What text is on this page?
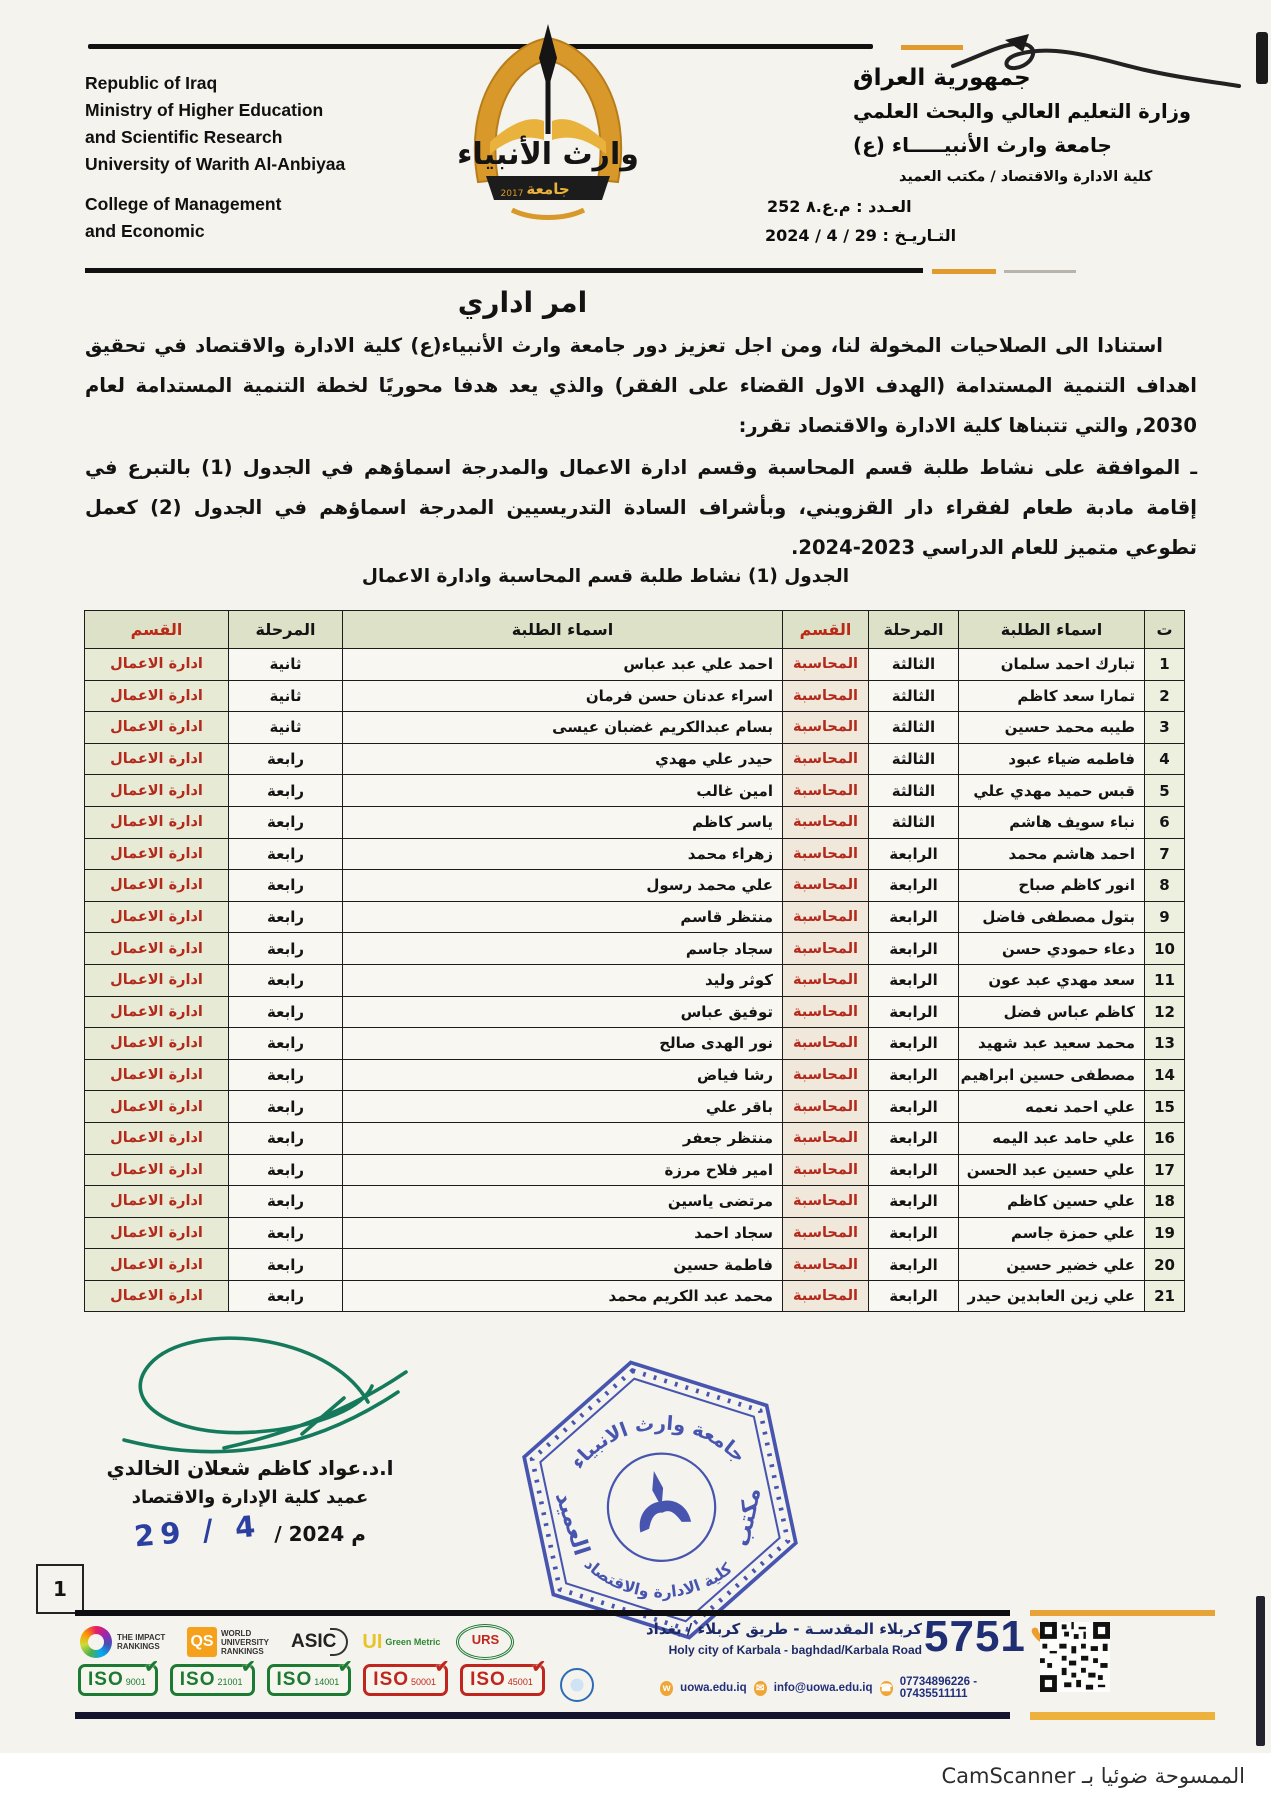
Republic of Iraq
Ministry of Higher Education
and Scientific Research
University of Warith Al-Anbiyaa
College of Management
and Economic
وارث الأنبياء
جامعة
2017
جمهورية العراق
وزارة التعليم العالي والبحث العلمي
جامعة وارث الأنبيـــــاء (ع)
كلية الادارة والاقتصاد / مكتب العميد
العـدد : م.ع.٨ 252
التـاريـخ : 29 / 4 / 2024
امر اداري
استنادا الى الصلاحيات المخولة لنا، ومن اجل تعزيز دور جامعة وارث الأنبياء(ع) كلية الادارة والاقتصاد في تحقيق اهداف التنمية المستدامة (الهدف الاول القضاء على الفقر) والذي يعد هدفا محوريًا لخطة التنمية المستدامة لعام 2030, والتي تتبناها كلية الادارة والاقتصاد تقرر:
ـ الموافقة على نشاط طلبة قسم المحاسبة وقسم ادارة الاعمال والمدرجة اسماؤهم في الجدول (1) بالتبرع في إقامة مادبة طعام لفقراء دار القزويني، وبأشراف السادة التدريسيين المدرجة اسماؤهم في الجدول (2) كعمل تطوعي متميز للعام الدراسي 2023-2024.
الجدول (1) نشاط طلبة قسم المحاسبة وادارة الاعمال
ت	اسماء الطلبة	المرحلة	القسم	اسماء الطلبة	المرحلة	القسم
1	تبارك احمد سلمان	الثالثة	المحاسبة	احمد علي عبد عباس	ثانية	ادارة الاعمال
2	تمارا سعد كاظم	الثالثة	المحاسبة	اسراء عدنان حسن فرمان	ثانية	ادارة الاعمال
3	طيبه محمد حسين	الثالثة	المحاسبة	بسام عبدالكريم غضبان عيسى	ثانية	ادارة الاعمال
4	فاطمه ضياء عبود	الثالثة	المحاسبة	حيدر علي مهدي	رابعة	ادارة الاعمال
5	قبس حميد مهدي علي	الثالثة	المحاسبة	امين غالب	رابعة	ادارة الاعمال
6	نباء سويف هاشم	الثالثة	المحاسبة	ياسر كاظم	رابعة	ادارة الاعمال
7	احمد هاشم محمد	الرابعة	المحاسبة	زهراء محمد	رابعة	ادارة الاعمال
8	انور كاظم صباح	الرابعة	المحاسبة	علي محمد رسول	رابعة	ادارة الاعمال
9	بتول مصطفى فاضل	الرابعة	المحاسبة	منتظر قاسم	رابعة	ادارة الاعمال
10	دعاء حمودي حسن	الرابعة	المحاسبة	سجاد جاسم	رابعة	ادارة الاعمال
11	سعد مهدي عبد عون	الرابعة	المحاسبة	كوثر وليد	رابعة	ادارة الاعمال
12	كاظم عباس فضل	الرابعة	المحاسبة	توفيق عباس	رابعة	ادارة الاعمال
13	محمد سعيد عبد شهيد	الرابعة	المحاسبة	نور الهدى صالح	رابعة	ادارة الاعمال
14	مصطفى حسين ابراهيم	الرابعة	المحاسبة	رشا فياض	رابعة	ادارة الاعمال
15	علي احمد نعمه	الرابعة	المحاسبة	باقر علي	رابعة	ادارة الاعمال
16	علي حامد عبد اليمه	الرابعة	المحاسبة	منتظر جعفر	رابعة	ادارة الاعمال
17	علي حسين عبد الحسن	الرابعة	المحاسبة	امير فلاح مرزة	رابعة	ادارة الاعمال
18	علي حسين كاظم	الرابعة	المحاسبة	مرتضى ياسين	رابعة	ادارة الاعمال
19	علي حمزة جاسم	الرابعة	المحاسبة	سجاد احمد	رابعة	ادارة الاعمال
20	علي خضير حسين	الرابعة	المحاسبة	فاطمة حسين	رابعة	ادارة الاعمال
21	علي زين العابدين حيدر	الرابعة	المحاسبة	محمد عبد الكريم محمد	رابعة	ادارة الاعمال
ا.د.عواد كاظم شعلان الخالدي
عميد كلية الإدارة والاقتصاد
29 / 4 / 2024 م
جامعة وارث الانبياء
مكتب
العميد
كلية الادارة والاقتصاد
1
THE IMPACT RANKINGS	QS WORLD UNIVERSITY RANKINGS	ASIC	UI Green Metric	URS
ISO 9001
✔
ISO 21001
✔
ISO 14001
✔
ISO 50001
✔
ISO 45001
✔
كربلاء المقدسـة - طريق كربلاء / بغداد
Holy city of Karbala - baghdad/Karbala Road 5751
w uowa.edu.iq ✉ info@uowa.edu.iq ☎ 07734896226 - 07435511111
الممسوحة ضوئيا بـ CamScanner
